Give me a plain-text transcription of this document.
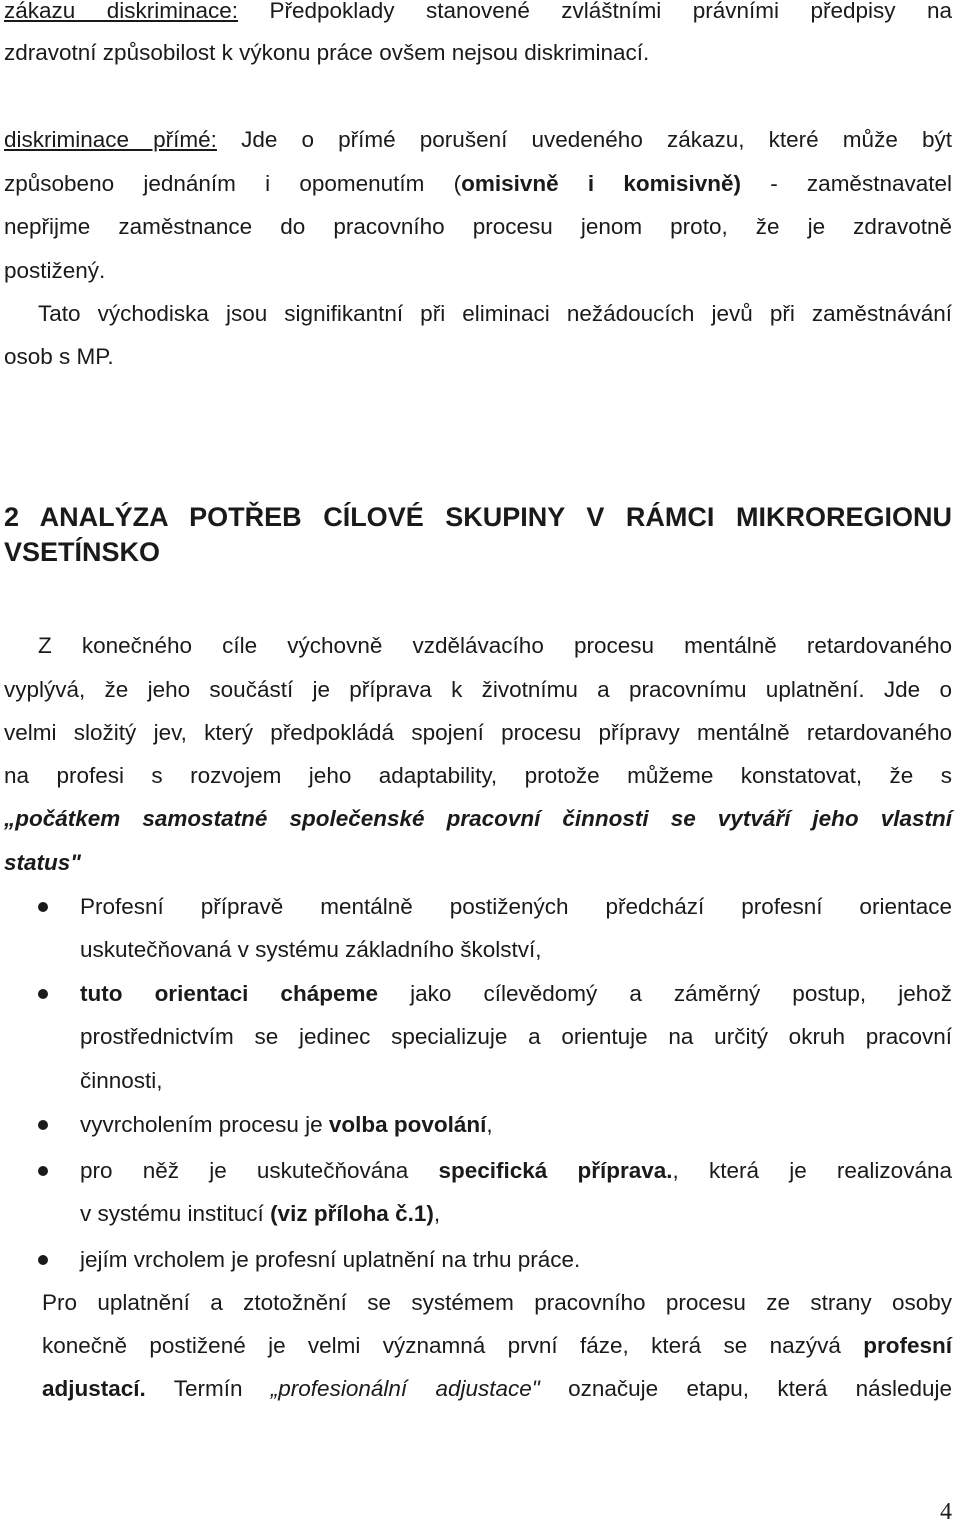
zákazu diskriminace: Předpoklady stanovené zvláštními právními předpisy na
zdravotní způsobilost k výkonu práce ovšem nejsou diskriminací.
diskriminace přímé: Jde o přímé porušení uvedeného zákazu, které může být
způsobeno jednáním i opomenutím (omisivně i komisivně) - zaměstnavatel
nepřijme zaměstnance do pracovního procesu jenom proto, že je zdravotně
postižený.
Tato východiska jsou signifikantní při eliminaci nežádoucích jevů při zaměstnávání
osob s MP.
2 ANALÝZA POTŘEB CÍLOVÉ SKUPINY V RÁMCI MIKROREGIONU
VSETÍNSKO
Z konečného cíle výchovně vzdělávacího procesu mentálně retardovaného
vyplývá, že jeho součástí je příprava k životnímu a pracovnímu uplatnění. Jde o
velmi složitý jev, který předpokládá spojení procesu přípravy mentálně retardovaného
na profesi s rozvojem jeho adaptability, protože můžeme konstatovat, že s
„počátkem samostatné společenské pracovní činnosti se vytváří jeho vlastní
status"
Profesní přípravě mentálně postižených předchází profesní orientace
uskutečňovaná v systému základního školství,
tuto orientaci chápeme jako cílevědomý a záměrný postup, jehož
prostřednictvím se jedinec specializuje a orientuje na určitý okruh pracovní
činnosti,
vyvrcholením procesu je volba povolání,
pro něž je uskutečňována specifická příprava., která je realizována
v systému institucí (viz příloha č.1),
jejím vrcholem je profesní uplatnění na trhu práce.
Pro uplatnění a ztotožnění se systémem pracovního procesu ze strany osoby
konečně postižené je velmi významná první fáze, která se nazývá profesní
adjustací. Termín „profesionální adjustace" označuje etapu, která následuje
4
